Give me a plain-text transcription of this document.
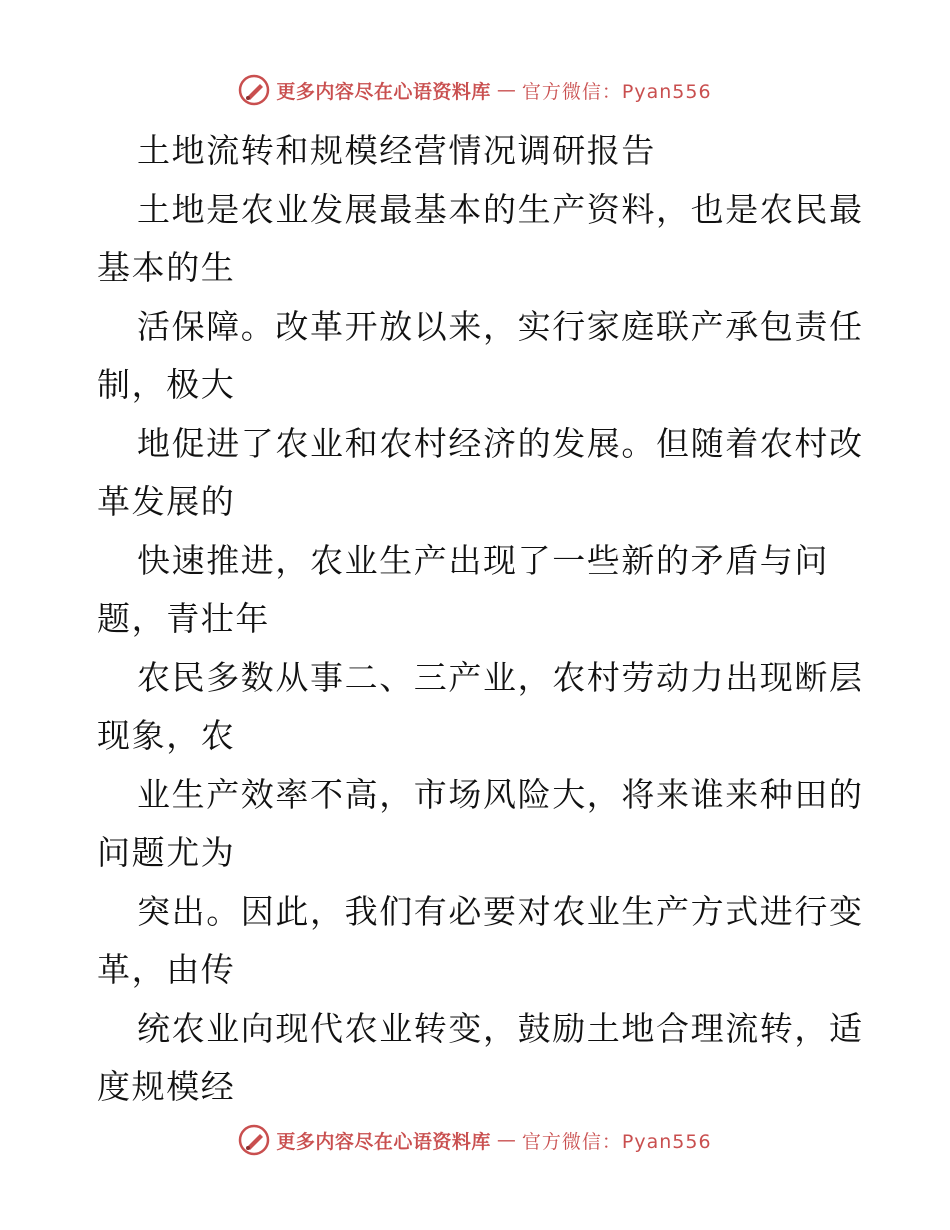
更多内容尽在心语资料库 — 官方微信：Pyan556
土地流转和规模经营情况调研报告
土地是农业发展最基本的生产资料，也是农民最
基本的生
活保障。改革开放以来，实行家庭联产承包责任
制，极大
地促进了农业和农村经济的发展。但随着农村改
革发展的
快速推进，农业生产出现了一些新的矛盾与问
题，青壮年
农民多数从事二、三产业，农村劳动力出现断层
现象，农
业生产效率不高，市场风险大，将来谁来种田的
问题尤为
突出。因此，我们有必要对农业生产方式进行变
革，由传
统农业向现代农业转变，鼓励土地合理流转，适
度规模经
更多内容尽在心语资料库 — 官方微信：Pyan556
